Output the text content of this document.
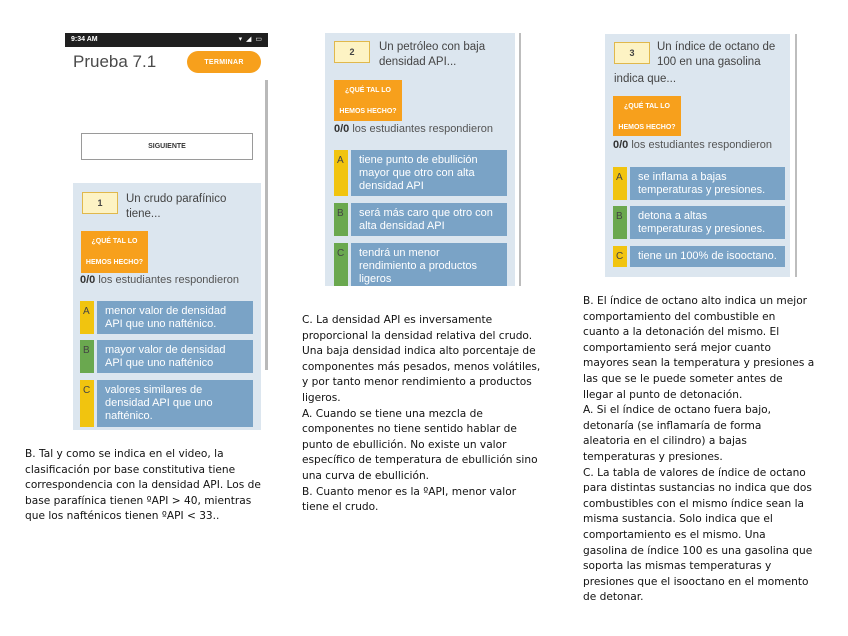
9:34 AM	▾ ◢ ▭
Prueba 7.1	TERMINAR
SIGUIENTE
1	Un crudo parafínico
tiene...
¿QUÉ TAL LO
HEMOS HECHO?
0/0 los estudiantes respondieron
A	menor valor de densidad
API que uno nafténico.
B	mayor valor de densidad
API que uno nafténico
C	valores similares de
densidad API que uno
nafténico.
2	Un petróleo con baja
densidad API...
¿QUÉ TAL LO
HEMOS HECHO?
0/0 los estudiantes respondieron
A	tiene punto de ebullición
mayor que otro con alta
densidad API
B	será más caro que otro con
alta densidad API
C	tendrá un menor
rendimiento a productos
ligeros
3	Un índice de octano de
100 en una gasolina
indica que...
¿QUÉ TAL LO
HEMOS HECHO?
0/0 los estudiantes respondieron
A	se inflama a bajas
temperaturas y presiones.
B	detona a altas
temperaturas y presiones.
C	tiene un 100% de isooctano.
B. Tal y como se indica en el video, la
clasificación por base constitutiva tiene
correspondencia con la densidad API. Los de
base parafínica tienen ºAPI > 40, mientras
que los nafténicos tienen ºAPI < 33..
C. La densidad API es inversamente
proporcional la densidad relativa del crudo.
Una baja densidad indica alto porcentaje de
componentes más pesados, menos volátiles,
y por tanto menor rendimiento a productos
ligeros.
A. Cuando se tiene una mezcla de
componentes no tiene sentido hablar de
punto de ebullición. No existe un valor
específico de temperatura de ebullición sino
una curva de ebullición.
B. Cuanto menor es la ºAPI, menor valor
tiene el crudo.
B. El índice de octano alto indica un mejor
comportamiento del combustible en
cuanto a la detonación del mismo. El
comportamiento será mejor cuanto
mayores sean la temperatura y presiones a
las que se le puede someter antes de
llegar al punto de detonación.
A. Si el índice de octano fuera bajo,
detonaría (se inflamaría de forma
aleatoria en el cilindro) a bajas
temperaturas y presiones.
C. La tabla de valores de índice de octano
para distintas sustancias no indica que dos
combustibles con el mismo índice sean la
misma sustancia. Solo indica que el
comportamiento es el mismo. Una
gasolina de índice 100 es una gasolina que
soporta las mismas temperaturas y
presiones que el isooctano en el momento
de detonar.
